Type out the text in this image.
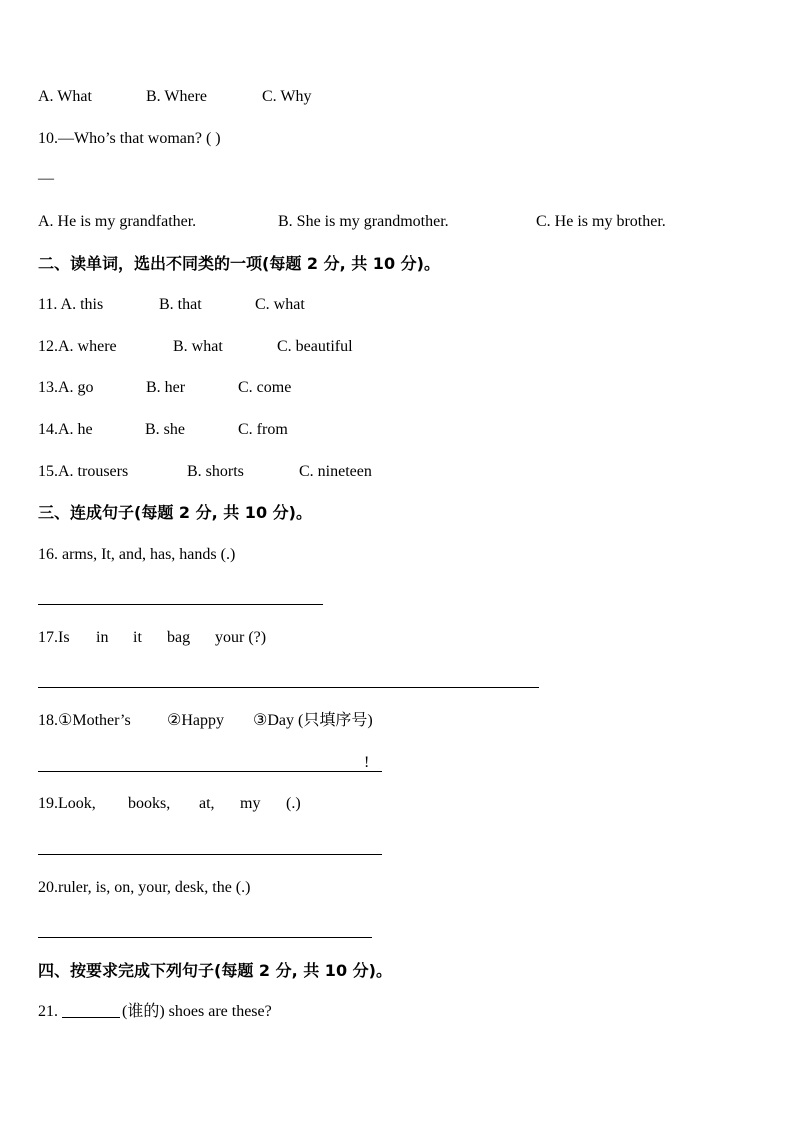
A. What	B. Where	C. Why
10.—Who’s that woman? ( )
—
A. He is my grandfather.	B. She is my grandmother.	C. He is my brother.
二、读单词，选出不同类的一项(每题 2 分, 共 10 分)。
11. A. this	B. that	C. what
12.A. where	B. what	C. beautiful
13.A. go	B. her	C. come
14.A. he	B. she	C. from
15.A. trousers	B. shorts	C. nineteen
三、连成句子(每题 2 分, 共 10 分)。
16. arms, It, and, has, hands (.)
17.Is in it bag your (?)
18.①Mother’s ②Happy ③Day (只填序号)
!
19.Look, books, at, my (.)
20.ruler, is, on, your, desk, the (.)
四、按要求完成下列句子(每题 2 分, 共 10 分)。
21.	(谁的) shoes are these?
